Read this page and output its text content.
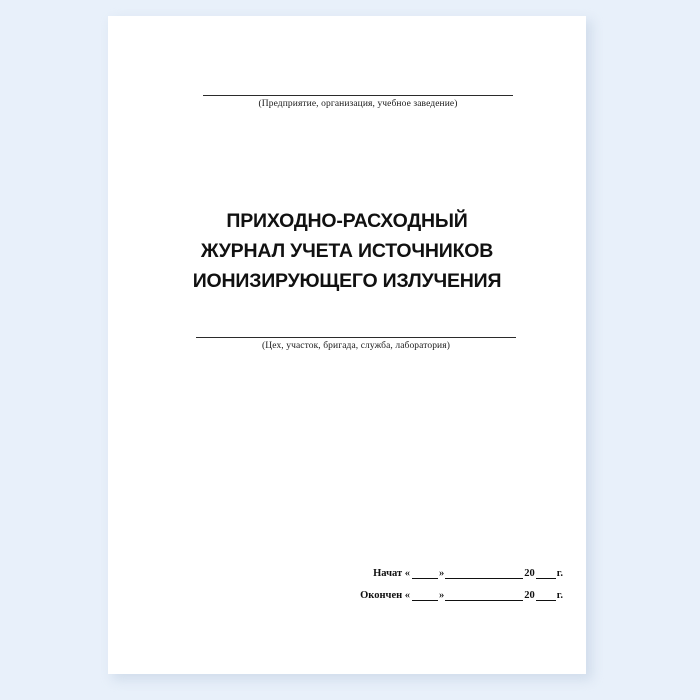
(Предприятие, организация, учебное заведение)
ПРИХОДНО-РАСХОДНЫЙ
ЖУРНАЛ УЧЕТА ИСТОЧНИКОВ
ИОНИЗИРУЮЩЕГО ИЗЛУЧЕНИЯ
(Цех, участок, бригада, служба, лаборатория)
Начат «	»	20 г.
Окончен «	»	20 г.
